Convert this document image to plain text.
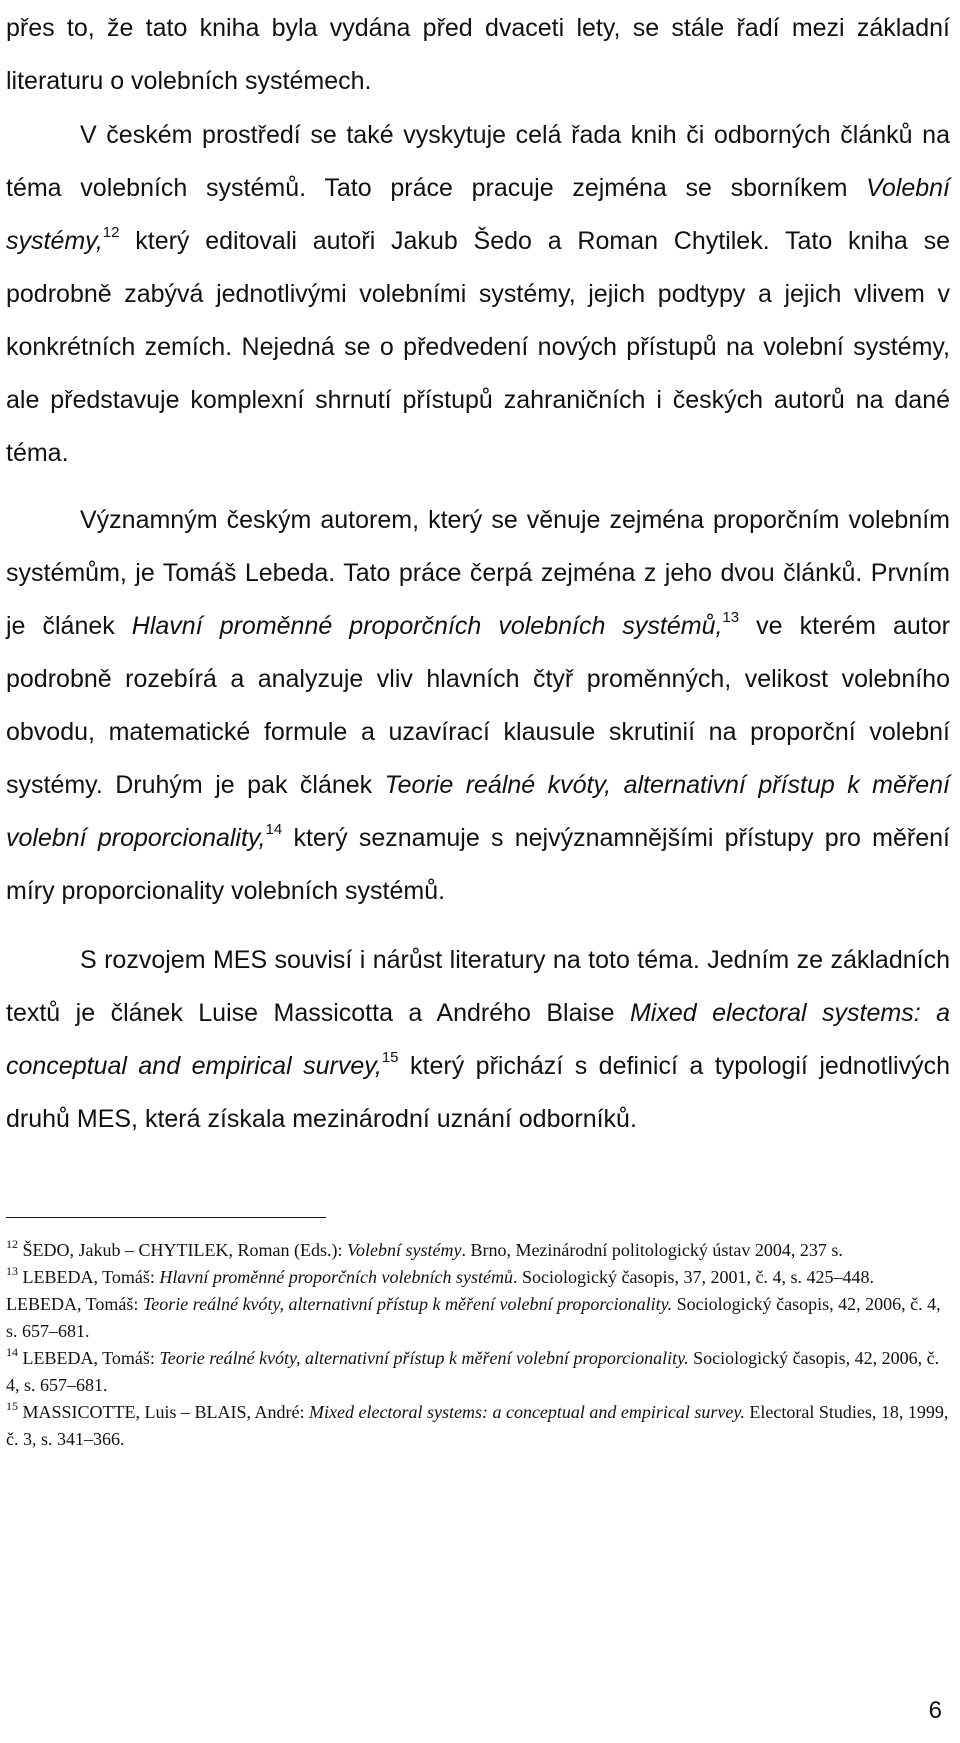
přes to, že tato kniha byla vydána před dvaceti lety, se stále řadí mezi základní literaturu o volebních systémech.

V českém prostředí se také vyskytuje celá řada knih či odborných článků na téma volebních systémů. Tato práce pracuje zejména se sborníkem Volební systémy,$^{12}$ který editovali autoři Jakub Šedo a Roman Chytilek. Tato kniha se podrobně zabývá jednotlivými volebními systémy, jejich podtypy a jejich vlivem v konkrétních zemích. Nejedná se o předvedení nových přístupů na volební systémy, ale představuje komplexní shrnutí přístupů zahraničních i českých autorů na dané téma.

Významným českým autorem, který se věnuje zejména proporčním volebním systémům, je Tomáš Lebeda. Tato práce čerpá zejména z jeho dvou článků. Prvním je článek Hlavní proměnné proporčních volebních systémů,$^{13}$ ve kterém autor podrobně rozebírá a analyzuje vliv hlavních čtyř proměnných, velikost volebního obvodu, matematické formule a uzavírací klausule skrutinií na proporční volební systémy. Druhým je pak článek Teorie reálné kvóty, alternativní přístup k měření volební proporcionality,$^{14}$ který seznamuje s nejvýznamnějšími přístupy pro měření míry proporcionality volebních systémů.

S rozvojem MES souvisí i nárůst literatury na toto téma. Jedním ze základních textů je článek Luise Massicotta a Andrého Blaise Mixed electoral systems: a conceptual and empirical survey,$^{15}$ který přichází s definicí a typologií jednotlivých druhů MES, která získala mezinárodní uznání odborníků.

$^{12}$ ŠEDO, Jakub – CHYTILEK, Roman (Eds.): Volební systémy. Brno, Mezinárodní politologický ústav 2004, 237 s.

$^{13}$ LEBEDA, Tomáš: Hlavní proměnné proporčních volebních systémů. Sociologický časopis, 37, 2001, č. 4, s. 425–448.

LEBEDA, Tomáš: Teorie reálné kvóty, alternativní přístup k měření volební proporcionality. Sociologický časopis, 42, 2006, č. 4, s. 657–681.

$^{14}$ LEBEDA, Tomáš: Teorie reálné kvóty, alternativní přístup k měření volební proporcionality. Sociologický časopis, 42, 2006, č. 4, s. 657–681.

$^{15}$ MASSICOTTE, Luis – BLAIS, André: Mixed electoral systems: a conceptual and empirical survey. Electoral Studies, 18, 1999, č. 3, s. 341–366.

6
